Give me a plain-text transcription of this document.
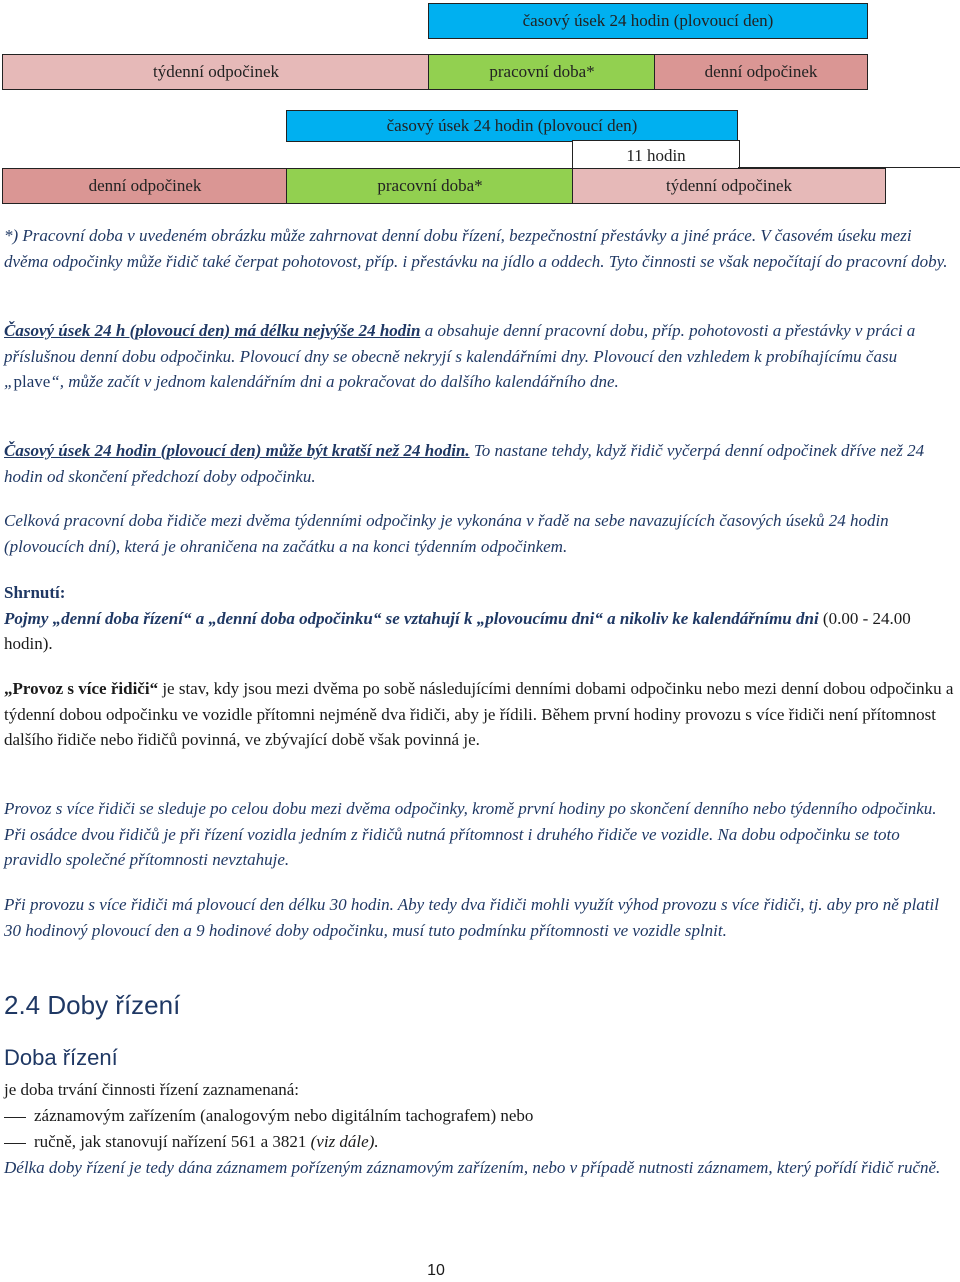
časový úsek 24 hodin (plovoucí den)
týdenní odpočinek	pracovní doba*	denní odpočinek
časový úsek 24 hodin (plovoucí den)
11 hodin
denní odpočinek	pracovní doba*	týdenní odpočinek

*) Pracovní doba v uvedeném obrázku může zahrnovat denní dobu řízení, bezpečnostní přestávky a jiné práce. V časovém úseku mezi dvěma odpočinky může řidič také čerpat pohotovost, příp. i přestávku na jídlo a oddech. Tyto činnosti se však nepočítají do pracovní doby.

Časový úsek 24 h (plovoucí den) má délku nejvýše 24 hodin a obsahuje denní pracovní dobu, příp. pohotovosti a přestávky v práci a příslušnou denní dobu odpočinku. Plovoucí dny se obecně nekryjí s kalendářními dny. Plovoucí den vzhledem k probíhajícímu času „plave“, může začít v jednom kalendářním dni a pokračovat do dalšího kalendářního dne.

Časový úsek 24 hodin (plovoucí den) může být kratší než 24 hodin. To nastane tehdy, když řidič vyčerpá denní odpočinek dříve než 24 hodin od skončení předchozí doby odpočinku.

Celková pracovní doba řidiče mezi dvěma týdenními odpočinky je vykonána v řadě na sebe navazujících časových úseků 24 hodin (plovoucích dní), která je ohraničena na začátku a na konci týdenním odpočinkem.

Shrnutí:
Pojmy „denní doba řízení“ a „denní doba odpočinku“ se vztahují k „plovoucímu dni“ a nikoliv ke kalendářnímu dni (0.00 - 24.00 hodin).

„Provoz s více řidiči“ je stav, kdy jsou mezi dvěma po sobě následujícími denními dobami odpočinku nebo mezi denní dobou odpočinku a týdenní dobou odpočinku ve vozidle přítomni nejméně dva řidiči, aby je řídili. Během první hodiny provozu s více řidiči není přítomnost dalšího řidiče nebo řidičů povinná, ve zbývající době však povinná je.

Provoz s více řidiči se sleduje po celou dobu mezi dvěma odpočinky, kromě první hodiny po skončení denního nebo týdenního odpočinku. Při osádce dvou řidičů je při řízení vozidla jedním z řidičů nutná přítomnost i druhého řidiče ve vozidle. Na dobu odpočinku se toto pravidlo společné přítomnosti nevztahuje.

Při provozu s více řidiči má plovoucí den délku 30 hodin. Aby tedy dva řidiči mohli využít výhod provozu s více řidiči, tj. aby pro ně platil 30 hodinový plovoucí den a 9 hodinové doby odpočinku, musí tuto podmínku přítomnosti ve vozidle splnit.

2.4 Doby řízení
Doba řízení

je doba trvání činnosti řízení zaznamenaná:

záznamovým zařízením (analogovým nebo digitálním tachografem) nebo

ručně, jak stanovují nařízení 561 a 3821 (viz dále).

Délka doby řízení je tedy dána záznamem pořízeným záznamovým zařízením, nebo v případě nutnosti záznamem, který pořídí řidič ručně.

10
